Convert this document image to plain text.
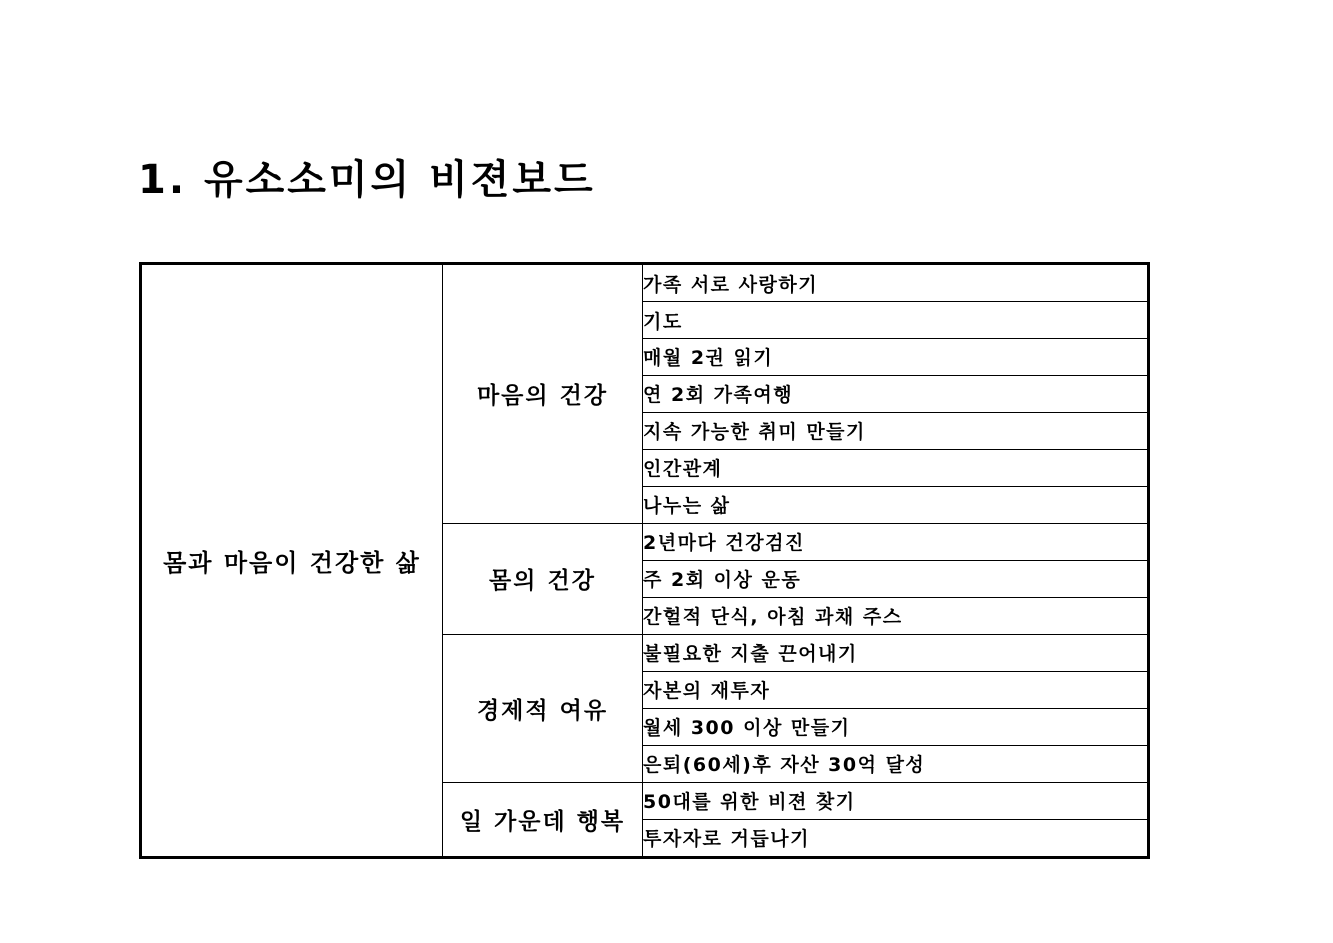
1. 유소소미의 비젼보드
몸과 마음이 건강한 삶	마음의 건강	가족 서로 사랑하기
		기도
		매월 2권 읽기
		연 2회 가족여행
		지속 가능한 취미 만들기
		인간관계
		나누는 삶
	몸의 건강	2년마다 건강검진
		주 2회 이상 운동
		간헐적 단식, 아침 과채 주스
	경제적 여유	불필요한 지출 끈어내기
		자본의 재투자
		월세 300 이상 만들기
		은퇴(60세)후 자산 30억 달성
	일 가운데 행복	50대를 위한 비젼 찾기
		투자자로 거듭나기
